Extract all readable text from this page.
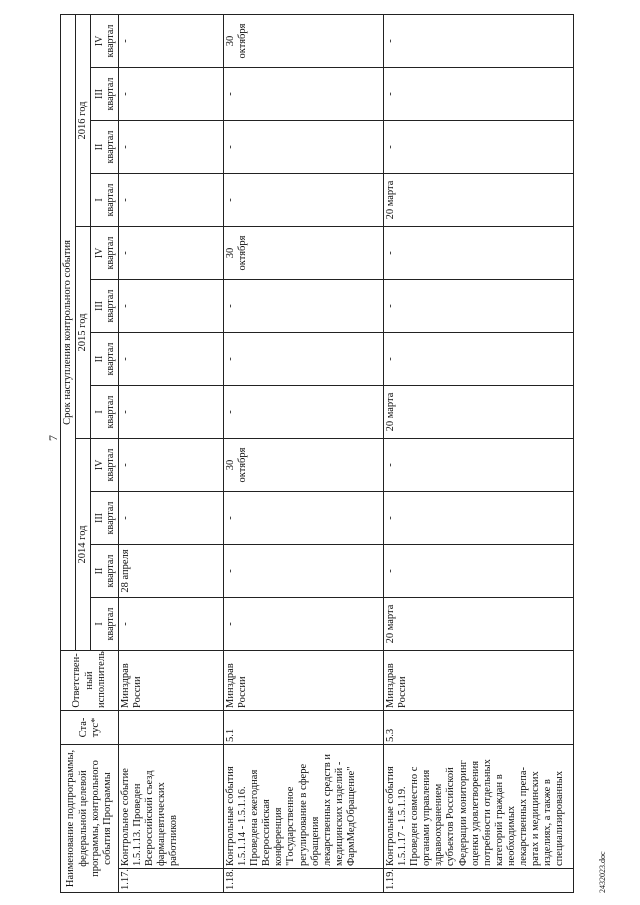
7
2432023.doc
Наименование подпрограммы, федеральной целевой программы, контрольного события Программы		Ста-тус*	Ответствен-ный исполнитель	Срок наступления контрольного события											
				2014 год				2015 год				2016 год			
				I
квартал	II
квартал	III
квартал	IV
квартал	I
квартал	II
квартал	III
квартал	IV
квартал	I
квартал	II
квартал	III
квартал	IV
квартал
1.17.	Контрольное событие 1.5.1.13. Проведен Всероссийский съезд фармацевтических работников		Минздрав России	-	28 апреля	-	-	-	-	-	-	-	-	-	-
1.18.	Контрольные события 1.5.1.14 - 1.5.1.16. Проведена ежегодная Всероссийская конференция "Государственное регулирование в сфере обращения лекарственных средств и медицинских изделий - ФармМедОбращение"	5.1	Минздрав России	-	-	-	30 октября	-	-	-	30 октября	-	-	-	30 октября
1.19.	Контрольные события 1.5.1.17 - 1.5.1.19. Проведен совместно с органами управления здравоохранением субъектов Российской Федерации мониторинг оценки удовлетворения потребности отдельных категорий граждан в необходимых лекарственных препа-ратах и медицинских изделиях, а также в специализированных	5.3	Минздрав России	20 марта	-	-	-	20 марта	-	-	-	20 марта	-	-	-
